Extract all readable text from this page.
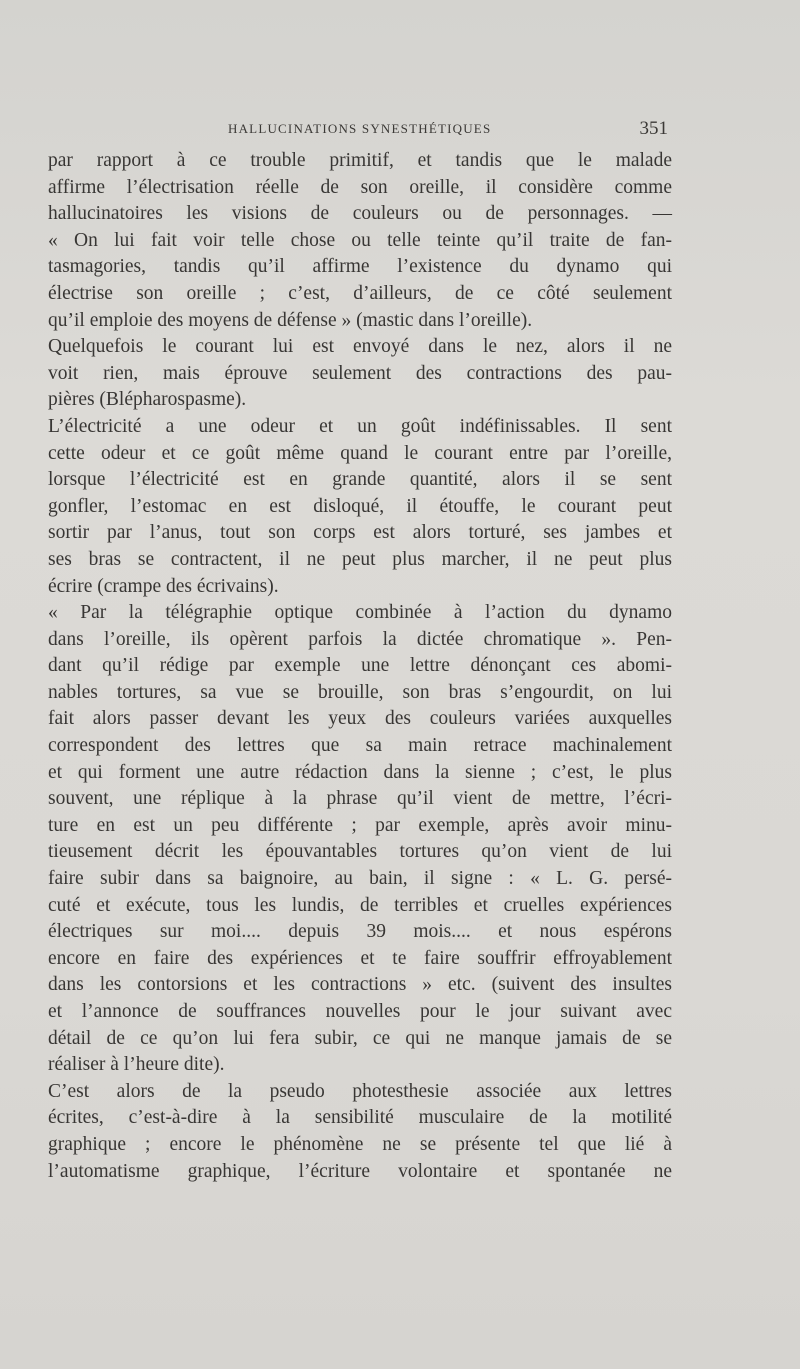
HALLUCINATIONS SYNESTHÉTIQUES	351
par rapport à ce trouble primitif, et tandis que le malade
affirme l’électrisation réelle de son oreille, il considère comme
hallucinatoires les visions de couleurs ou de personnages. —
« On lui fait voir telle chose ou telle teinte qu’il traite de fan-
tasmagories, tandis qu’il affirme l’existence du dynamo qui
électrise son oreille ; c’est, d’ailleurs, de ce côté seulement
qu’il emploie des moyens de défense » (mastic dans l’oreille).
Quelquefois le courant lui est envoyé dans le nez, alors il ne
voit rien, mais éprouve seulement des contractions des pau-
pières (Blépharospasme).
L’électricité a une odeur et un goût indéfinissables. Il sent
cette odeur et ce goût même quand le courant entre par l’oreille,
lorsque l’électricité est en grande quantité, alors il se sent
gonfler, l’estomac en est disloqué, il étouffe, le courant peut
sortir par l’anus, tout son corps est alors torturé, ses jambes et
ses bras se contractent, il ne peut plus marcher, il ne peut plus
écrire (crampe des écrivains).
« Par la télégraphie optique combinée à l’action du dynamo
dans l’oreille, ils opèrent parfois la dictée chromatique ». Pen-
dant qu’il rédige par exemple une lettre dénonçant ces abomi-
nables tortures, sa vue se brouille, son bras s’engourdit, on lui
fait alors passer devant les yeux des couleurs variées auxquelles
correspondent des lettres que sa main retrace machinalement
et qui forment une autre rédaction dans la sienne ; c’est, le plus
souvent, une réplique à la phrase qu’il vient de mettre, l’écri-
ture en est un peu différente ; par exemple, après avoir minu-
tieusement décrit les épouvantables tortures qu’on vient de lui
faire subir dans sa baignoire, au bain, il signe : « L. G. persé-
cuté et exécute, tous les lundis, de terribles et cruelles expériences
électriques sur moi.... depuis 39 mois.... et nous espérons
encore en faire des expériences et te faire souffrir effroyablement
dans les contorsions et les contractions » etc. (suivent des insultes
et l’annonce de souffrances nouvelles pour le jour suivant avec
détail de ce qu’on lui fera subir, ce qui ne manque jamais de se
réaliser à l’heure dite).
C’est alors de la pseudo photesthesie associée aux lettres
écrites, c’est-à-dire à la sensibilité musculaire de la motilité
graphique ; encore le phénomène ne se présente tel que lié à
l’automatisme graphique, l’écriture volontaire et spontanée ne
